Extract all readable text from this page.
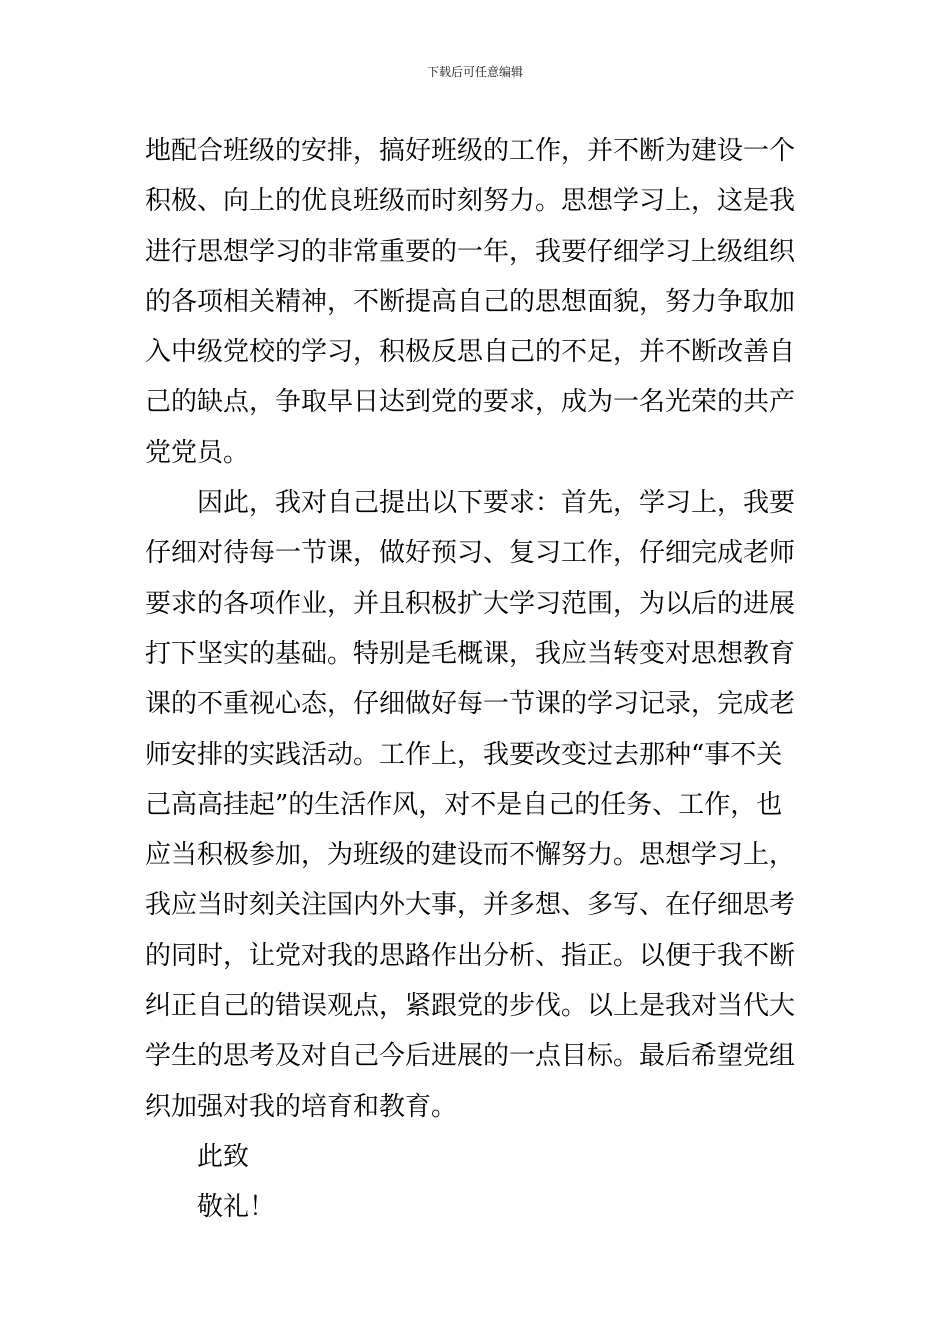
下载后可任意编辑
地配合班级的安排，搞好班级的工作，并不断为建设一个
积极、向上的优良班级而时刻努力。思想学习上，这是我
进行思想学习的非常重要的一年，我要仔细学习上级组织
的各项相关精神，不断提高自己的思想面貌，努力争取加
入中级党校的学习，积极反思自己的不足，并不断改善自
己的缺点，争取早日达到党的要求，成为一名光荣的共产
党党员。
因此，我对自己提出以下要求：首先，学习上，我要
仔细对待每一节课，做好预习、复习工作，仔细完成老师
要求的各项作业，并且积极扩大学习范围，为以后的进展
打下坚实的基础。特别是毛概课，我应当转变对思想教育
课的不重视心态，仔细做好每一节课的学习记录，完成老
师安排的实践活动。工作上，我要改变过去那种“事不关
己高高挂起”的生活作风，对不是自己的任务、工作，也
应当积极参加，为班级的建设而不懈努力。思想学习上，
我应当时刻关注国内外大事，并多想、多写、在仔细思考
的同时，让党对我的思路作出分析、指正。以便于我不断
纠正自己的错误观点，紧跟党的步伐。以上是我对当代大
学生的思考及对自己今后进展的一点目标。最后希望党组
织加强对我的培育和教育。
此致
敬礼！
